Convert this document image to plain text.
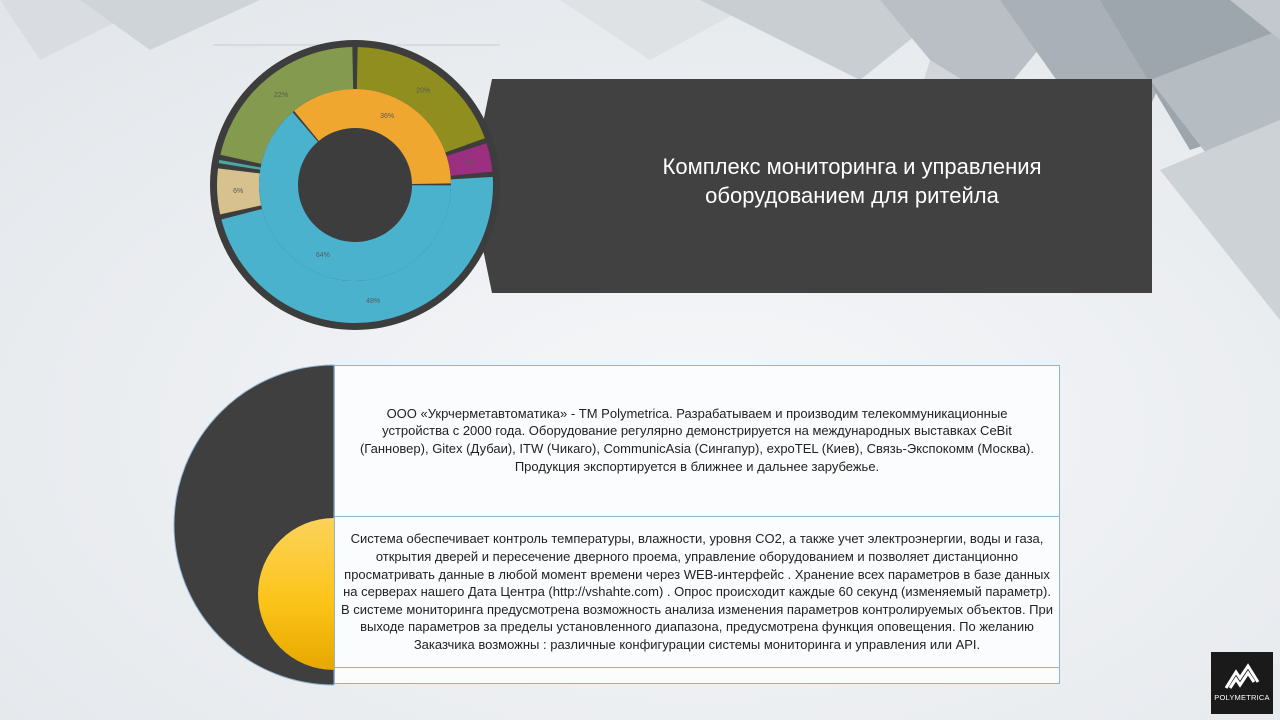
Комплекс мониторинга и управления
оборудованием для ритейла
20%
4%
48%
6%
22%
36%
64%
ООО «Укрчерметавтоматика» - ТМ Polymetrica. Разрабатываем и производим телекоммуникационные устройства с 2000 года. Оборудование регулярно демонстрируется на международных выставках CeBit (Ганновер), Gitex (Дубаи), ITW (Чикаго), CommunicAsia (Сингапур), expoTEL (Киев), Связь-Экспокомм (Москва). Продукция экспортируется в ближнее и дальнее зарубежье.
Система обеспечивает контроль температуры, влажности, уровня CO2, а также учет электроэнергии, воды и газа, открытия дверей и пересечение дверного проема, управление оборудованием и позволяет дистанционно просматривать данные в любой момент времени через WEB-интерфейс . Хранение всех параметров в базе данных на серверах нашего Дата Центра (http://vshahte.com) . Опрос происходит каждые 60 секунд (изменяемый параметр). В системе мониторинга предусмотрена возможность анализа изменения параметров контролируемых объектов. При выходе параметров за пределы установленного диапазона, предусмотрена функция оповещения. По желанию Заказчика возможны : различные конфигурации системы мониторинга и управления или API.
POLYMETRICA
